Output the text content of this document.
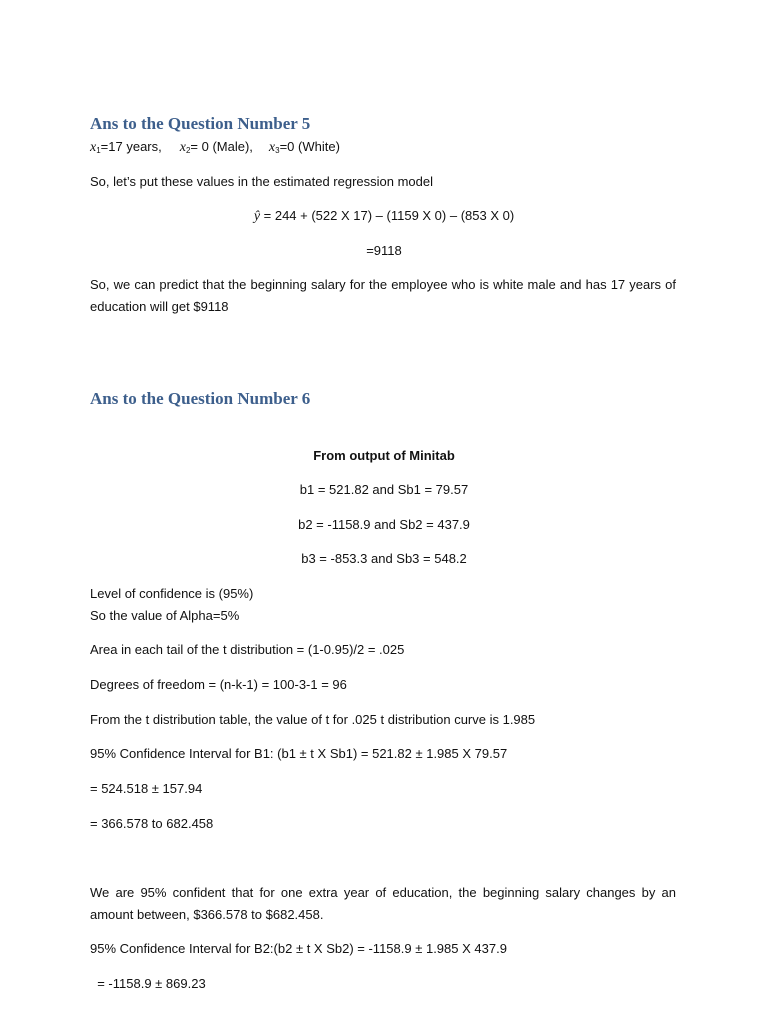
Ans to the Question Number 5
$x_1=17$ years, $x_2= 0$ (Male), $x_3=0$ (White)
So, let’s put these values in the estimated regression model
ŷ = 244 + (522 X 17) – (1159 X 0) – (853 X 0)
=9118
So, we can predict that the beginning salary for the employee who is white male and has 17 years of education will get $9118
Ans to the Question Number 6
From output of Minitab
b1 = 521.82 and Sb1 = 79.57
b2 = -1158.9 and Sb2 = 437.9
b3 = -853.3 and Sb3 = 548.2
Level of confidence is (95%)
So the value of Alpha=5%
Area in each tail of the t distribution = (1-0.95)/2 = .025
Degrees of freedom = (n-k-1) = 100-3-1 = 96
From the t distribution table, the value of t for .025 t distribution curve is 1.985
95% Confidence Interval for B1: (b1 ± t X Sb1) = 521.82 ± 1.985 X 79.57
= 524.518 ± 157.94
= 366.578 to 682.458
We are 95% confident that for one extra year of education, the beginning salary changes by an amount between, $366.578 to $682.458.
95% Confidence Interval for B2:(b2 ± t X Sb2) = -1158.9 ± 1.985 X 437.9
= -1158.9 ± 869.23
